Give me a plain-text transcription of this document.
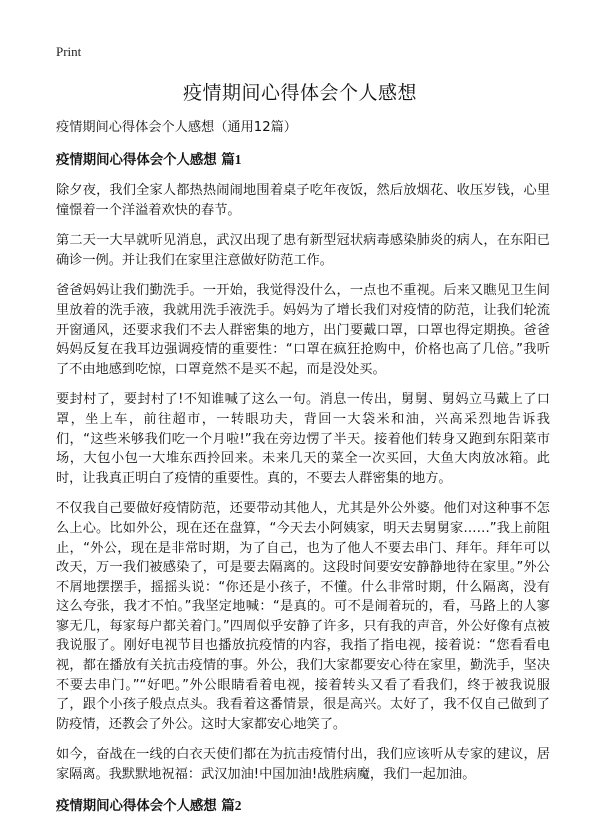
Print
疫情期间心得体会个人感想

疫情期间心得体会个人感想（通用12篇）

疫情期间心得体会个人感想 篇1

除夕夜，我们全家人都热热闹闹地围着桌子吃年夜饭，然后放烟花、收压岁钱，心里憧憬着一个洋溢着欢快的春节。

第二天一大早就听见消息，武汉出现了患有新型冠状病毒感染肺炎的病人，在东阳已确诊一例。并让我们在家里注意做好防范工作。

爸爸妈妈让我们勤洗手。一开始，我觉得没什么，一点也不重视。后来又瞧见卫生间里放着的洗手液，我就用洗手液洗手。妈妈为了增长我们对疫情的防范，让我们轮流开窗通风，还要求我们不去人群密集的地方，出门要戴口罩，口罩也得定期换。爸爸妈妈反复在我耳边强调疫情的重要性：“口罩在疯狂抢购中，价格也高了几倍。”我听了不由地感到吃惊，口罩竟然不是买不起，而是没处买。

要封村了，要封村了!不知谁喊了这么一句。消息一传出，舅舅、舅妈立马戴上了口罩，坐上车，前往超市，一转眼功夫，背回一大袋米和油，兴高采烈地告诉我们，“这些米够我们吃一个月啦!”我在旁边愣了半天。接着他们转身又跑到东阳菜市场，大包小包一大堆东西拎回来。未来几天的菜全一次买回，大鱼大肉放冰箱。此时，让我真正明白了疫情的重要性。真的，不要去人群密集的地方。

不仅我自己要做好疫情防范，还要带动其他人，尤其是外公外婆。他们对这种事不怎么上心。比如外公，现在还在盘算，“今天去小阿姨家，明天去舅舅家……”我上前阻止，“外公，现在是非常时期，为了自己，也为了他人不要去串门、拜年。拜年可以改天，万一我们被感染了，可是要去隔离的。这段时间要安安静静地待在家里。”外公不屑地摆摆手，摇摇头说：“你还是小孩子，不懂。什么非常时期，什么隔离，没有这么夸张，我才不怕。”我坚定地喊：“是真的。可不是闹着玩的，看，马路上的人寥寥无几，每家每户都关着门。”四周似乎安静了许多，只有我的声音，外公好像有点被我说服了。刚好电视节目也播放抗疫情的内容，我指了指电视，接着说：“您看看电视，都在播放有关抗击疫情的事。外公，我们大家都要安心待在家里，勤洗手，坚决不要去串门。”“好吧。”外公眼睛看着电视，接着转头又看了看我们，终于被我说服了，跟个小孩子般点点头。我看着这番情景，很是高兴。太好了，我不仅自己做到了防疫情，还教会了外公。这时大家都安心地笑了。

如今，奋战在一线的白衣天使们都在为抗击疫情付出，我们应该听从专家的建议，居家隔离。我默默地祝福：武汉加油!中国加油!战胜病魔，我们一起加油。

疫情期间心得体会个人感想 篇2
